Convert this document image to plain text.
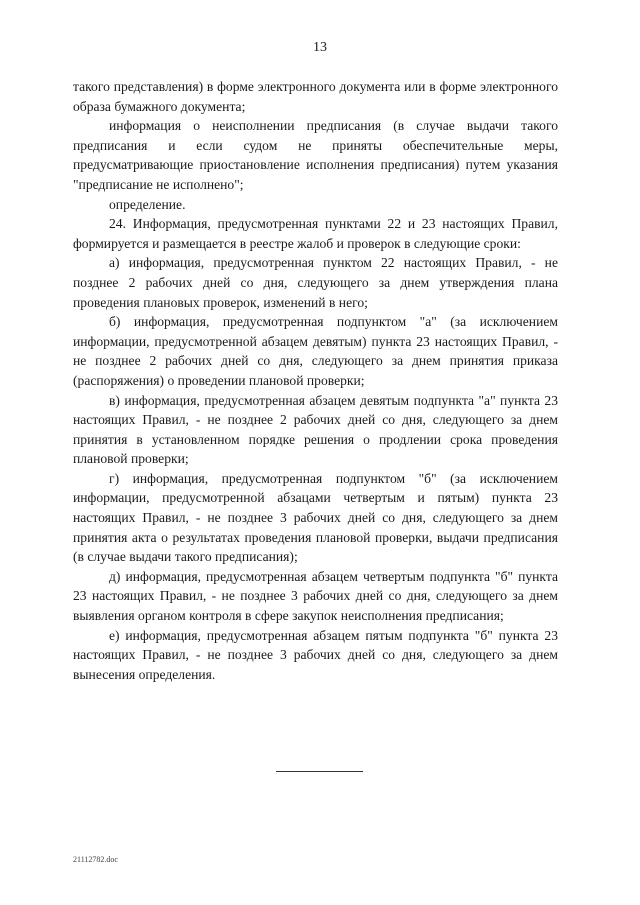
13

такого представления) в форме электронного документа или в форме электронного образа бумажного документа;

информация о неисполнении предписания (в случае выдачи такого предписания и если судом не приняты обеспечительные меры, предусматривающие приостановление исполнения предписания) путем указания "предписание не исполнено";

определение.

24. Информация, предусмотренная пунктами 22 и 23 настоящих Правил, формируется и размещается в реестре жалоб и проверок в следующие сроки:

а) информация, предусмотренная пунктом 22 настоящих Правил, - не позднее 2 рабочих дней со дня, следующего за днем утверждения плана проведения плановых проверок, изменений в него;

б) информация, предусмотренная подпунктом "а" (за исключением информации, предусмотренной абзацем девятым) пункта 23 настоящих Правил, - не позднее 2 рабочих дней со дня, следующего за днем принятия приказа (распоряжения) о проведении плановой проверки;

в) информация, предусмотренная абзацем девятым подпункта "а" пункта 23 настоящих Правил, - не позднее 2 рабочих дней со дня, следующего за днем принятия в установленном порядке решения о продлении срока проведения плановой проверки;

г) информация, предусмотренная подпунктом "б" (за исключением информации, предусмотренной абзацами четвертым и пятым) пункта 23 настоящих Правил, - не позднее 3 рабочих дней со дня, следующего за днем принятия акта о результатах проведения плановой проверки, выдачи предписания (в случае выдачи такого предписания);

д) информация, предусмотренная абзацем четвертым подпункта "б" пункта 23 настоящих Правил, - не позднее 3 рабочих дней со дня, следующего за днем выявления органом контроля в сфере закупок неисполнения предписания;

е) информация, предусмотренная абзацем пятым подпункта "б" пункта 23 настоящих Правил, - не позднее 3 рабочих дней со дня, следующего за днем вынесения определения.

21112782.doc
